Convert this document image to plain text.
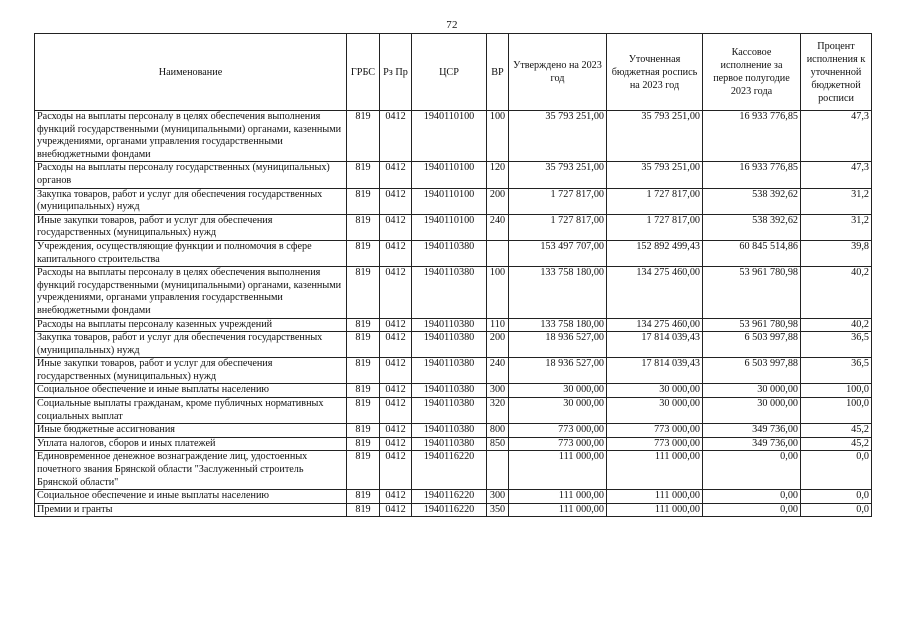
72
Наименование	ГРБС	Рз Пр	ЦСР	ВР	Утверждено на 2023 год	Уточненная бюджетная роспись на 2023 год	Кассовое исполнение за первое полугодие 2023 года	Процент исполнения к уточненной бюджетной росписи
Расходы на выплаты персоналу в целях обеспечения выполнения функций государственными (муниципальными) органами, казенными учреждениями, органами управления государственными внебюджетными фондами	819	0412	1940110100	100	35 793 251,00	35 793 251,00	16 933 776,85	47,3
Расходы на выплаты персоналу государственных (муниципальных) органов	819	0412	1940110100	120	35 793 251,00	35 793 251,00	16 933 776,85	47,3
Закупка товаров, работ и услуг для обеспечения государственных (муниципальных) нужд	819	0412	1940110100	200	1 727 817,00	1 727 817,00	538 392,62	31,2
Иные закупки товаров, работ и услуг для обеспечения государственных (муниципальных) нужд	819	0412	1940110100	240	1 727 817,00	1 727 817,00	538 392,62	31,2
Учреждения, осуществляющие функции и полномочия в сфере капитального строительства	819	0412	1940110380		153 497 707,00	152 892 499,43	60 845 514,86	39,8
Расходы на выплаты персоналу в целях обеспечения выполнения функций государственными (муниципальными) органами, казенными учреждениями, органами управления государственными внебюджетными фондами	819	0412	1940110380	100	133 758 180,00	134 275 460,00	53 961 780,98	40,2
Расходы на выплаты персоналу казенных учреждений	819	0412	1940110380	110	133 758 180,00	134 275 460,00	53 961 780,98	40,2
Закупка товаров, работ и услуг для обеспечения государственных (муниципальных) нужд	819	0412	1940110380	200	18 936 527,00	17 814 039,43	6 503 997,88	36,5
Иные закупки товаров, работ и услуг для обеспечения государственных (муниципальных) нужд	819	0412	1940110380	240	18 936 527,00	17 814 039,43	6 503 997,88	36,5
Социальное обеспечение и иные выплаты населению	819	0412	1940110380	300	30 000,00	30 000,00	30 000,00	100,0
Социальные выплаты гражданам, кроме публичных нормативных социальных выплат	819	0412	1940110380	320	30 000,00	30 000,00	30 000,00	100,0
Иные бюджетные ассигнования	819	0412	1940110380	800	773 000,00	773 000,00	349 736,00	45,2
Уплата налогов, сборов и иных платежей	819	0412	1940110380	850	773 000,00	773 000,00	349 736,00	45,2
Единовременное денежное вознаграждение лиц, удостоенных почетного звания Брянской области "Заслуженный строитель Брянской области"	819	0412	1940116220		111 000,00	111 000,00	0,00	0,0
Социальное обеспечение и иные выплаты населению	819	0412	1940116220	300	111 000,00	111 000,00	0,00	0,0
Премии и гранты	819	0412	1940116220	350	111 000,00	111 000,00	0,00	0,0
